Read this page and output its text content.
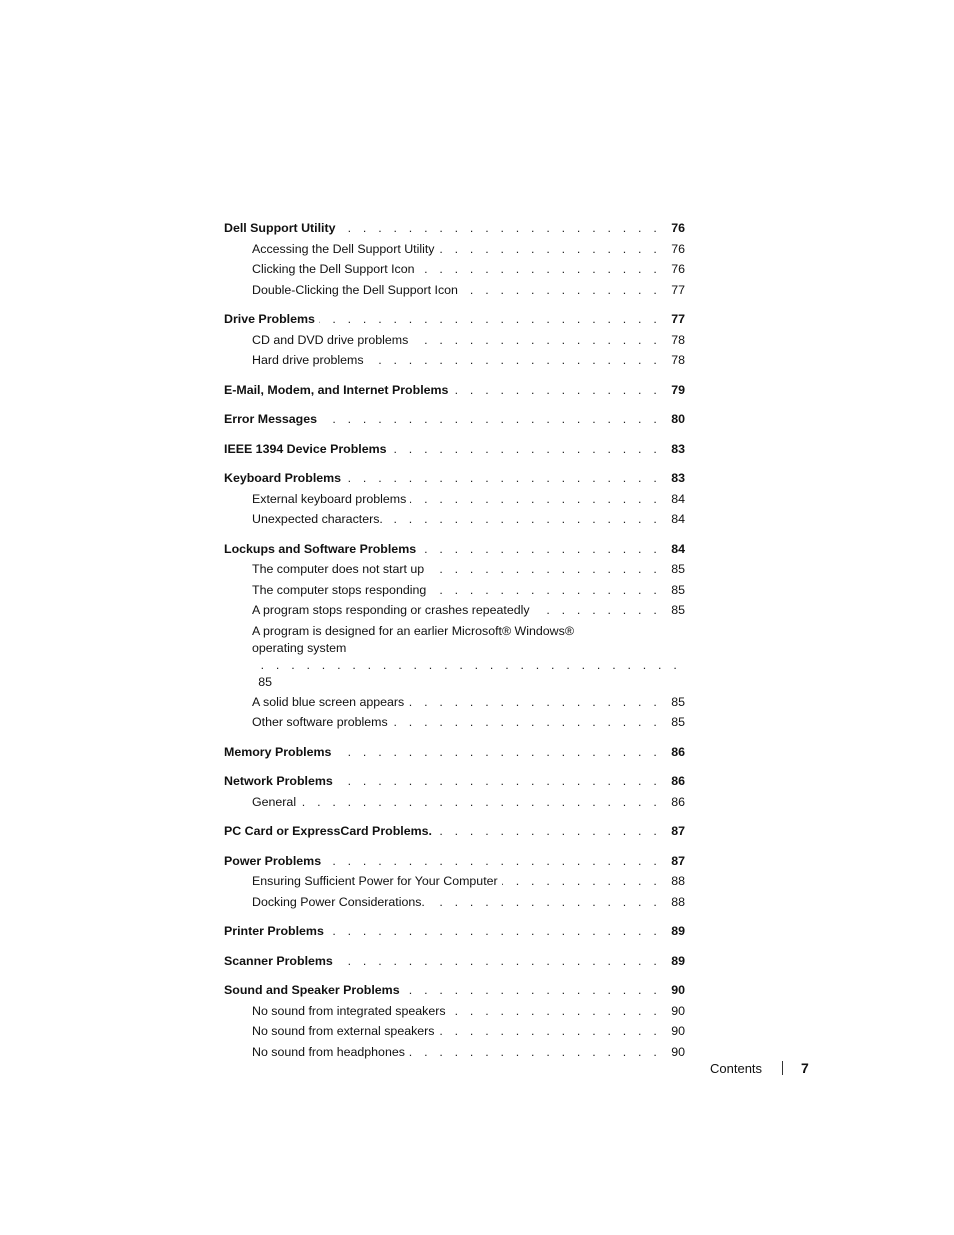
Dell Support Utility . . .	76
Accessing the Dell Support Utility . . .	76
Clicking the Dell Support Icon . . .	76
Double-Clicking the Dell Support Icon . . .	77
Drive Problems . . .	77
CD and DVD drive problems . . .	78
Hard drive problems . . .	78
E-Mail, Modem, and Internet Problems . . .	79
Error Messages . . .	80
IEEE 1394 Device Problems . . .	83
Keyboard Problems . . .	83
External keyboard problems . . .	84
Unexpected characters. . . .	84
Lockups and Software Problems . . .	84
The computer does not start up . . .	85
The computer stops responding . . .	85
A program stops responding or crashes repeatedly . . .	85
A program is designed for an earlier Microsoft® Windows®
operating system
. . .
85
A solid blue screen appears . . .	85
Other software problems . . .	85
Memory Problems . . .	86
Network Problems . . .	86
General . . .	86
PC Card or ExpressCard Problems. . . .	87
Power Problems . . .	87
Ensuring Sufficient Power for Your Computer . . .	88
Docking Power Considerations. . . .	88
Printer Problems . . .	89
Scanner Problems . . .	89
Sound and Speaker Problems . . .	90
No sound from integrated speakers . . .	90
No sound from external speakers . . .	90
No sound from headphones . . .	90
Contents	7
